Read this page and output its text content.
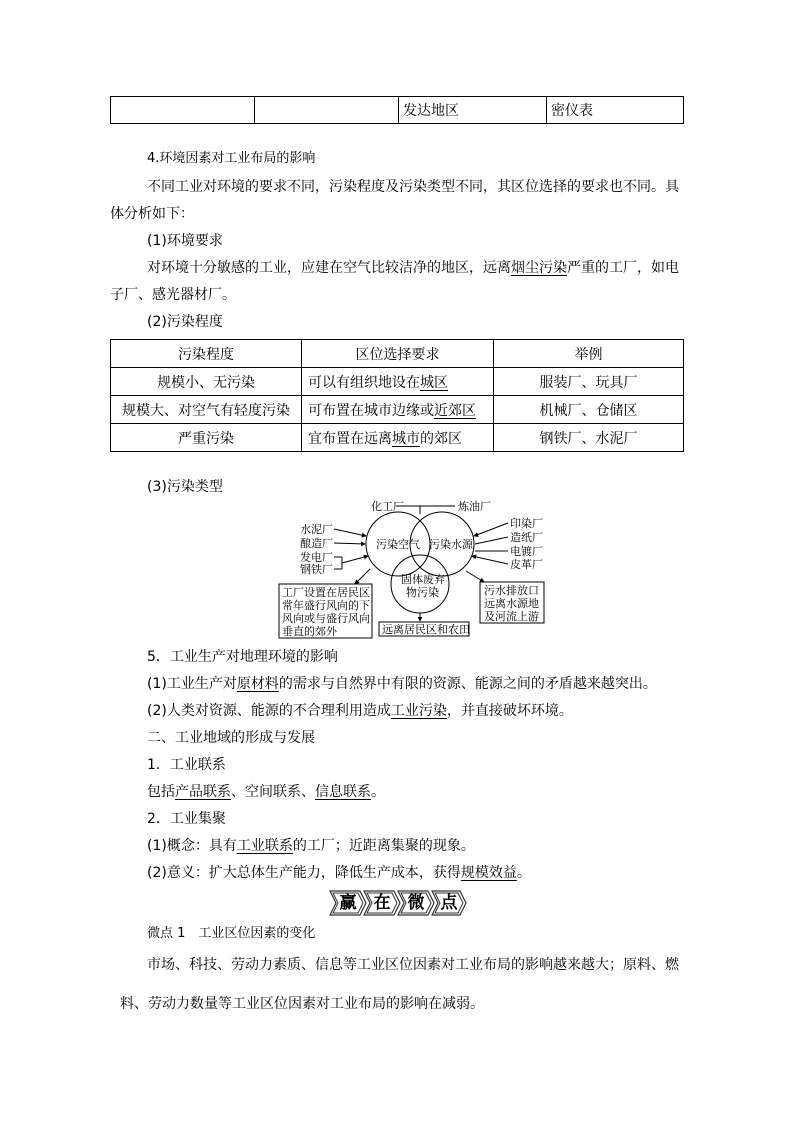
		发达地区	密仪表
4.环境因素对工业布局的影响
不同工业对环境的要求不同，污染程度及污染类型不同，其区位选择的要求也不同。具
体分析如下：
(1)环境要求
对环境十分敏感的工业，应建在空气比较洁净的地区，远离烟尘污染严重的工厂，如电
子厂、感光器材厂。
(2)污染程度
污染程度	区位选择要求	举例
规模小、无污染	可以有组织地设在城区	服装厂、玩具厂
规模大、对空气有轻度污染	可布置在城市边缘或近郊区	机械厂、仓储区
严重污染	宜布置在远离城市的郊区	钢铁厂、水泥厂
(3)污染类型
化工厂	炼油厂
水泥厂
酿造厂
发电厂
钢铁厂
印染厂
造纸厂
电镀厂
皮革厂
污染空气 污染水源
固体废弃
物污染
工厂设置在居民区
常年盛行风向的下
风向或与盛行风向
垂直的郊外
污水排放口
远离水源地
及河流上游
远离居民区和农田
5．工业生产对地理环境的影响
(1)工业生产对原材料的需求与自然界中有限的资源、能源之间的矛盾越来越突出。
(2)人类对资源、能源的不合理利用造成工业污染，并直接破坏环境。
二、工业地域的形成与发展
1．工业联系
包括产品联系、空间联系、信息联系。
2．工业集聚
(1)概念：具有工业联系的工厂；近距离集聚的现象。
(2)意义：扩大总体生产能力，降低生产成本，获得规模效益。
赢	在	微 点
微点 1　工业区位因素的变化
市场、科技、劳动力素质、信息等工业区位因素对工业布局的影响越来越大；原料、燃
料、劳动力数量等工业区位因素对工业布局的影响在减弱。
